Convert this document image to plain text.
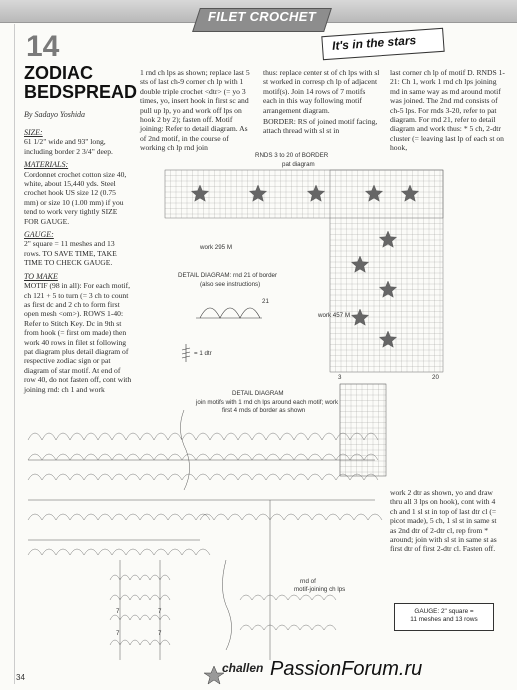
FILET CROCHET
It's in the stars
14
ZODIAC BEDSPREAD
By Sadayo Yoshida
SIZE:

61 1/2" wide and 93" long, including border 2 3/4" deep.

MATERIALS:

Cordonnet crochet cotton size 40, white, about 15,440 yds. Steel crochet hook US size 12 (0.75 mm) or size 10 (1.00 mm) if you tend to work very tightly SIZE FOR GAUGE.

GAUGE:

2" square = 11 meshes and 13 rows. TO SAVE TIME, TAKE TIME TO CHECK GAUGE.

TO MAKE

MOTIF (98 in all): For each motif, ch 121 + 5 to turn (= 3 ch to count as first dc and 2 ch to form first open mesh <om>). ROWS 1-40: Refer to Stitch Key. Dc in 9th st from hook (= first om made) then work 40 rows in filet st following pat diagram plus detail diagram of respective zodiac sign or pat diagram of star motif. At end of row 40, do not fasten off, cont with joining rnd: ch 1 and work

1 rnd ch lps as shown; replace last 5 sts of last ch-9 corner ch lp with 1 double triple crochet <dtr> (= yo 3 times, yo, insert hook in first sc and pull up lp, yo and work off lps on hook 2 by 2); fasten off. Motif joining: Refer to detail diagram. As of 2nd motif, in the course of working ch lp rnd join

thus: replace center st of ch lps with sl st worked in corresp ch lp of adjacent motif(s). Join 14 rows of 7 motifs each in this way following motif arrangement diagram.

BORDER: RS of joined motif facing, attach thread with sl st in

last corner ch lp of motif D. RNDS 1-21: Ch 1, work 1 rnd ch lps joining md in same way as md around motif was joined. The 2nd rnd consists of ch-5 lps. For rnds 3-20, refer to pat diagram. For rnd 21, refer to detail diagram and work thus: * 5 ch, 2-dtr cluster (= leaving last lp of each st on hook,

work 2 dtr as shown, yo and draw thru all 3 lps on hook), cont with 4 ch and 1 sl st in top of last dtr cl (= picot made), 5 ch, 1 sl st in same st as 2nd dtr of 2-dtr cl, rep from * around; join with sl st in same st as first dtr of first 2-dtr cl. Fasten off.

RNDS 3 to 20 of BORDER
pat diagram
work 295 M
work 457 M
3	20
DETAIL DIAGRAM: rnd 21 of border
(also see instructions)
21
= 1 dtr
DETAIL DIAGRAM
join motifs with 1 rnd ch lps around each motif; work
first 4 rnds of border as shown
rnd of
motif-joining ch lps
7	7
7	7
GAUGE: 2" square =
11 meshes and 13 rows
34
challen PassionForum.ru
